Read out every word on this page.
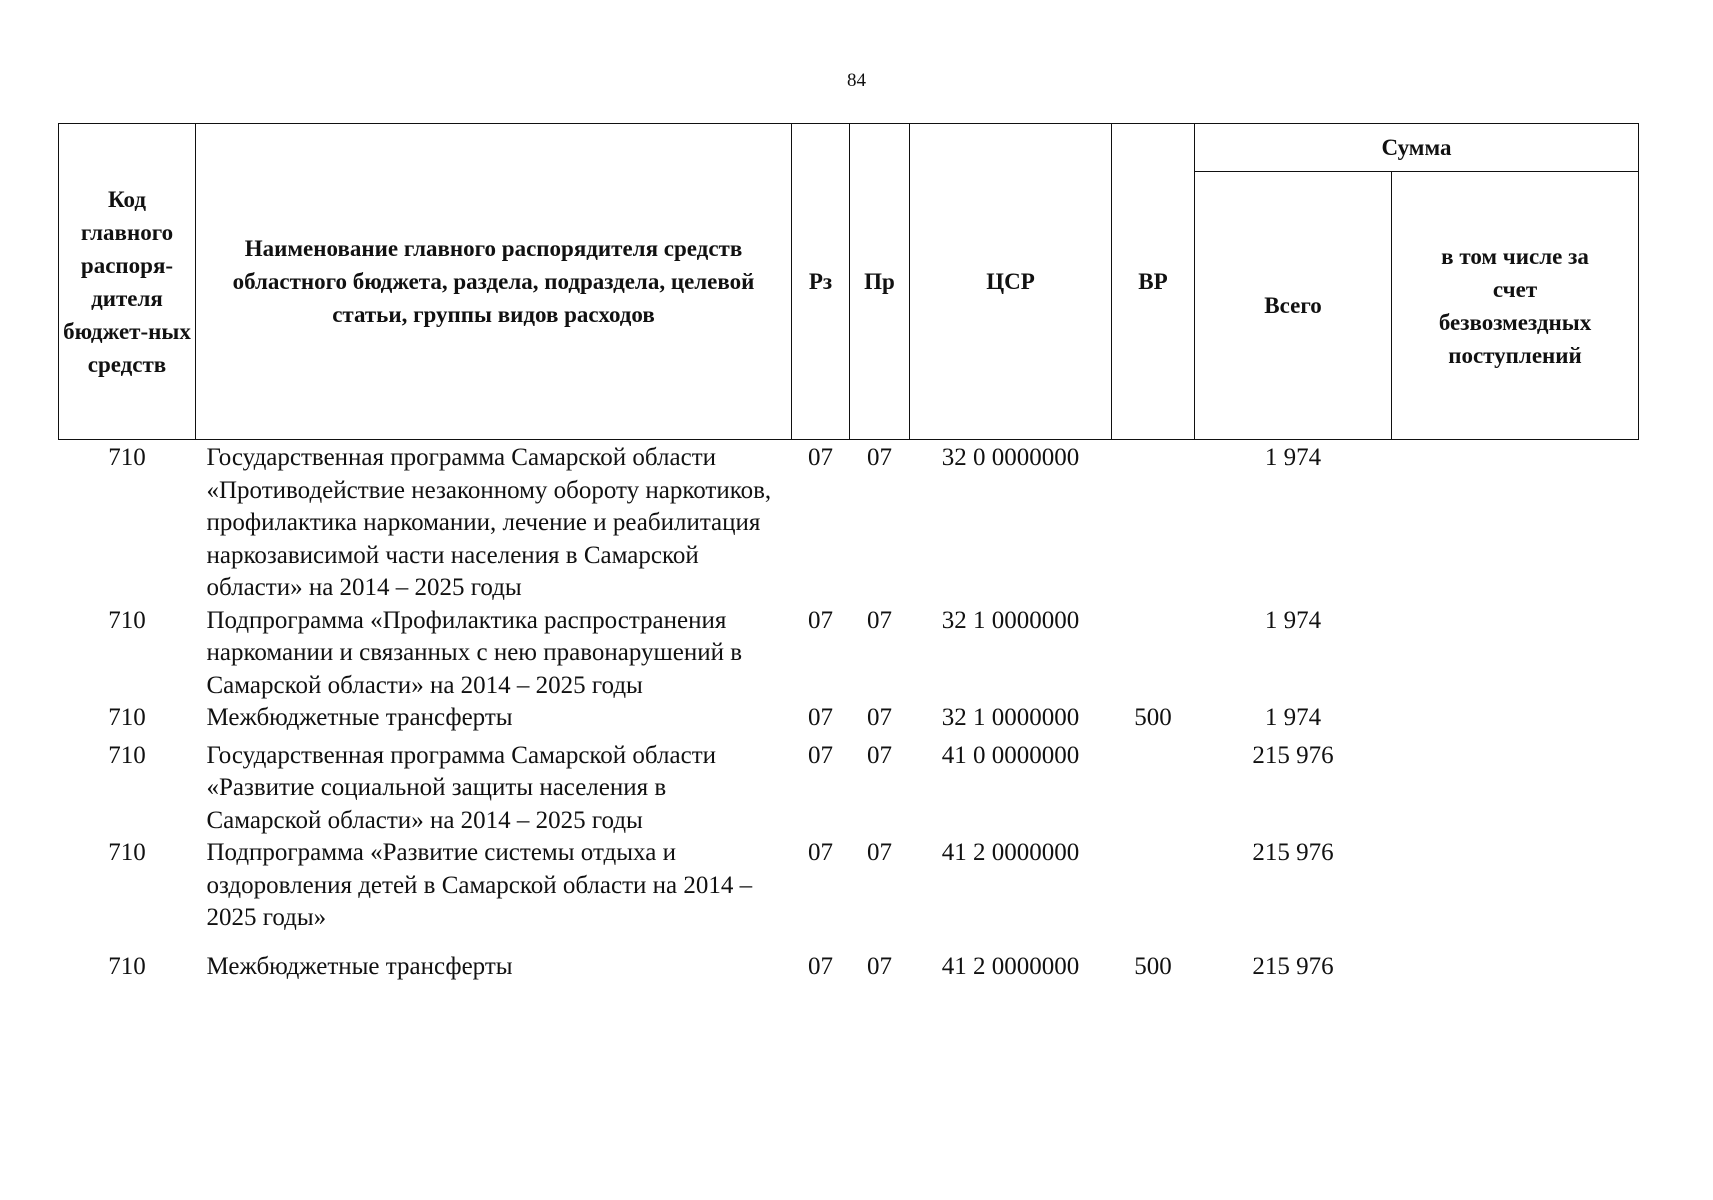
84
Код главного распоря-дителя бюджет-ных средств	Наименование главного распорядителя средств областного бюджета, раздела, подраздела, целевой статьи, группы видов расходов	Рз	Пр	ЦСР	ВР	Сумма	
						Всего	в том числе за счет безвозмездных поступлений
710	Государственная программа Самарской области «Противодействие незаконному обороту наркотиков, профилактика наркомании, лечение и реабилитация наркозависимой части населения в Самарской области» на 2014 – 2025 годы	07	07	32 0 0000000		1 974	
710	Подпрограмма «Профилактика распространения наркомании и связанных с нею правонарушений в Самарской области» на 2014 – 2025 годы	07	07	32 1 0000000		1 974	
710	Межбюджетные трансферты	07	07	32 1 0000000	500	1 974	
710	Государственная программа Самарской области «Развитие социальной защиты населения в Самарской области» на 2014 – 2025 годы	07	07	41 0 0000000		215 976	
710	Подпрограмма «Развитие системы отдыха и оздоровления детей в Самарской области на 2014 – 2025 годы»	07	07	41 2 0000000		215 976	
710	Межбюджетные трансферты	07	07	41 2 0000000	500	215 976	
